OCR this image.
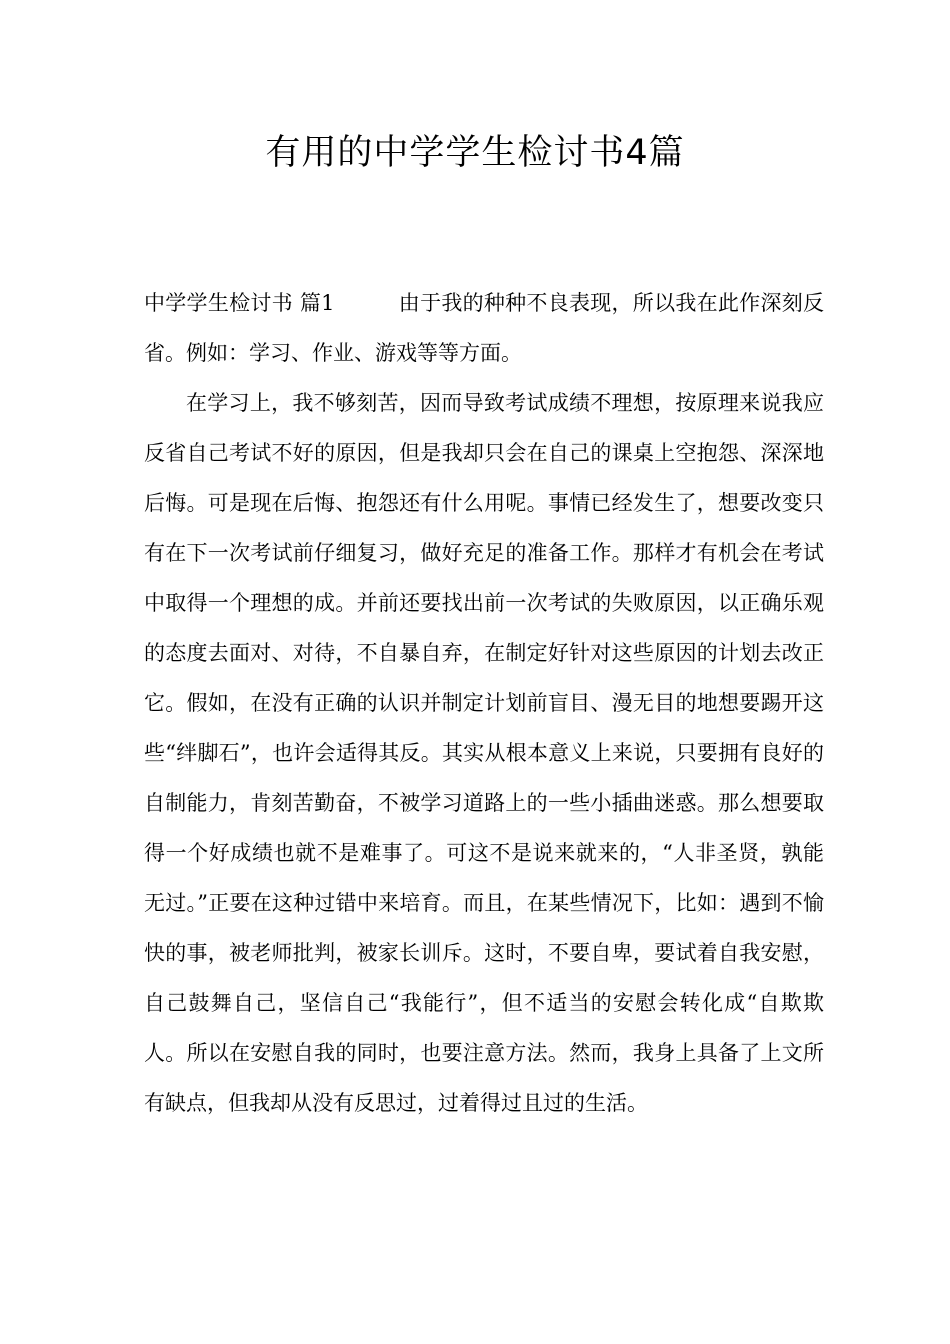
有用的中学学生检讨书4篇

中学学生检讨书 篇1	由于我的种种不良表现，所以我在此作深刻反省。例如：学习、作业、游戏等等方面。

在学习上，我不够刻苦，因而导致考试成绩不理想，按原理来说我应反省自己考试不好的原因，但是我却只会在自己的课桌上空抱怨、深深地后悔。可是现在后悔、抱怨还有什么用呢。事情已经发生了，想要改变只有在下一次考试前仔细复习，做好充足的准备工作。那样才有机会在考试中取得一个理想的成。并前还要找出前一次考试的失败原因，以正确乐观的态度去面对、对待，不自暴自弃，在制定好针对这些原因的计划去改正它。假如，在没有正确的认识并制定计划前盲目、漫无目的地想要踢开这些“绊脚石”，也许会适得其反。其实从根本意义上来说，只要拥有良好的自制能力，肯刻苦勤奋，不被学习道路上的一些小插曲迷惑。那么想要取得一个好成绩也就不是难事了。可这不是说来就来的，“人非圣贤，孰能无过。”正要在这种过错中来培育。而且，在某些情况下，比如：遇到不愉快的事，被老师批判，被家长训斥。这时，不要自卑，要试着自我安慰，自己鼓舞自己，坚信自己“我能行”，但不适当的安慰会转化成“自欺欺人。所以在安慰自我的同时，也要注意方法。然而，我身上具备了上文所有缺点，但我却从没有反思过，过着得过且过的生活。
